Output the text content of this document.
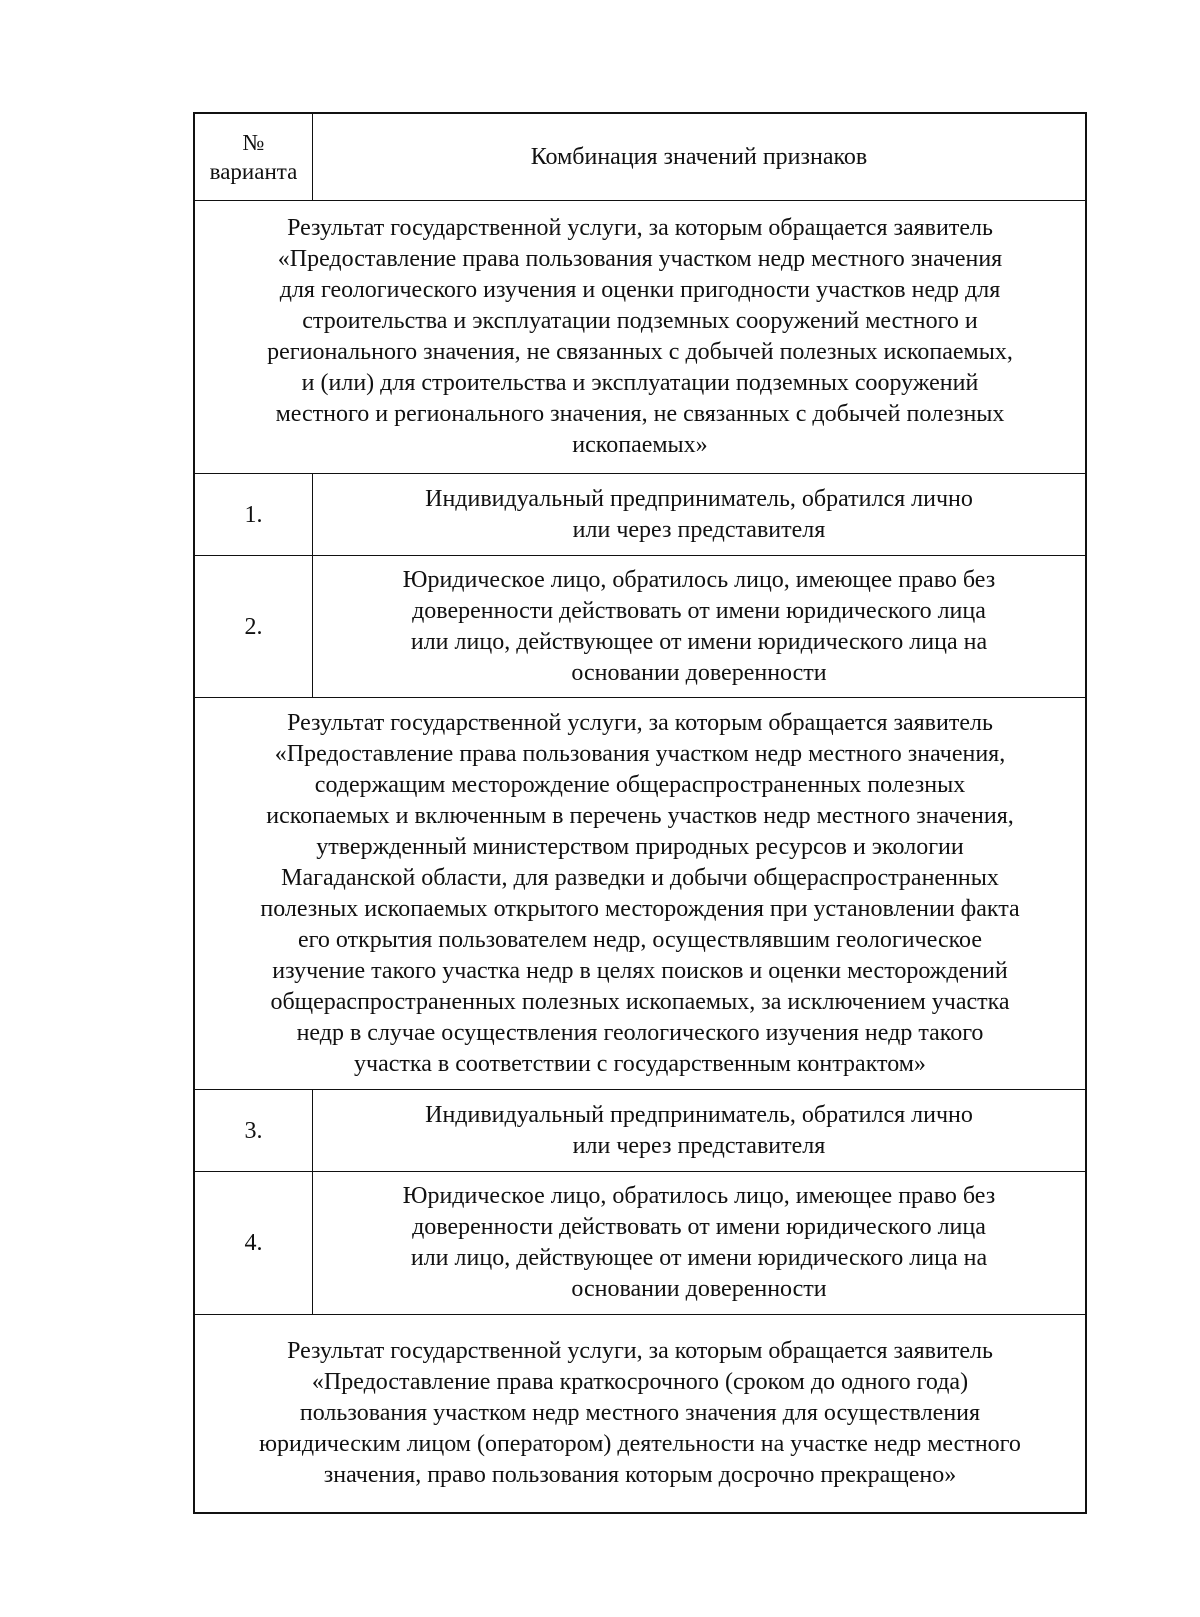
№
варианта
Комбинация значений признаков
Результат государственной услуги, за которым обращается заявитель
«Предоставление права пользования участком недр местного значения
для геологического изучения и оценки пригодности участков недр для
строительства и эксплуатации подземных сооружений местного и
регионального значения, не связанных с добычей полезных ископаемых,
и (или) для строительства и эксплуатации подземных сооружений
местного и регионального значения, не связанных с добычей полезных
ископаемых»
1.
Индивидуальный предприниматель, обратился лично
или через представителя
2.
Юридическое лицо, обратилось лицо, имеющее право без
доверенности действовать от имени юридического лица
или лицо, действующее от имени юридического лица на
основании доверенности
Результат государственной услуги, за которым обращается заявитель
«Предоставление права пользования участком недр местного значения,
содержащим месторождение общераспространенных полезных
ископаемых и включенным в перечень участков недр местного значения,
утвержденный министерством природных ресурсов и экологии
Магаданской области, для разведки и добычи общераспространенных
полезных ископаемых открытого месторождения при установлении факта
его открытия пользователем недр, осуществлявшим геологическое
изучение такого участка недр в целях поисков и оценки месторождений
общераспространенных полезных ископаемых, за исключением участка
недр в случае осуществления геологического изучения недр такого
участка в соответствии с государственным контрактом»
3.
Индивидуальный предприниматель, обратился лично
или через представителя
4.
Юридическое лицо, обратилось лицо, имеющее право без
доверенности действовать от имени юридического лица
или лицо, действующее от имени юридического лица на
основании доверенности
Результат государственной услуги, за которым обращается заявитель
«Предоставление права краткосрочного (сроком до одного года)
пользования участком недр местного значения для осуществления
юридическим лицом (оператором) деятельности на участке недр местного
значения, право пользования которым досрочно прекращено»
